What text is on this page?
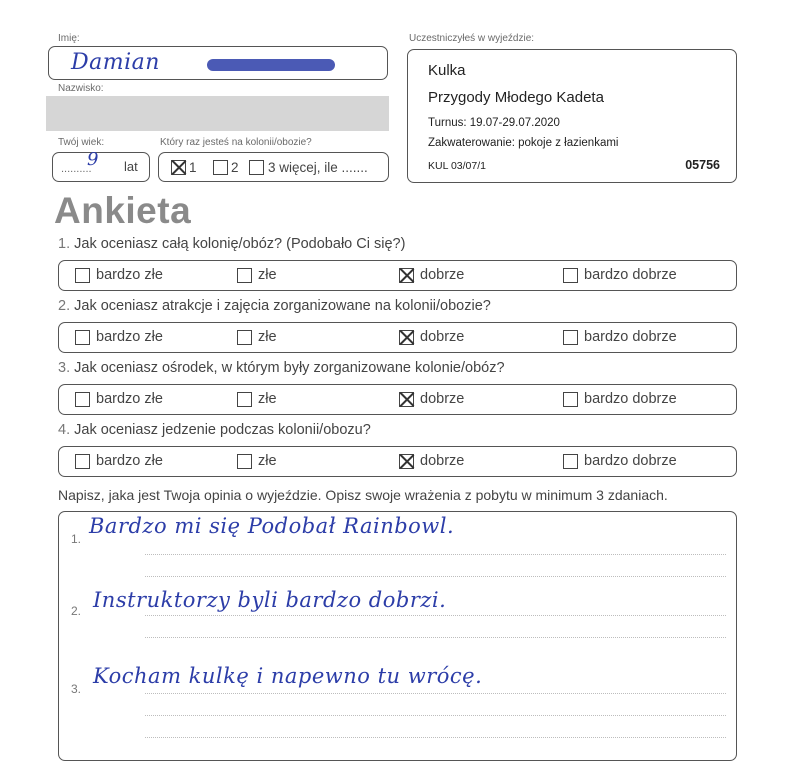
Imię:
Damian
Nazwisko:
Twój wiek:
..........
9 lat
Który raz jesteś na kolonii/obozie?
1	2 3 więcej, ile .......
Uczestniczyłeś w wyjeździe:
Kulka
Przygody Młodego Kadeta
Turnus: 19.07-29.07.2020
Zakwaterowanie: pokoje z łazienkami
KUL 03/07/1	05756
Ankieta
1. Jak oceniasz całą kolonię/obóz? (Podobało Ci się?)
bardzo złe	złe	dobrze	bardzo dobrze
2. Jak oceniasz atrakcje i zajęcia zorganizowane na kolonii/obozie?
bardzo złe	złe	dobrze	bardzo dobrze
3. Jak oceniasz ośrodek, w którym były zorganizowane kolonie/obóz?
bardzo złe	złe	dobrze	bardzo dobrze
4. Jak oceniasz jedzenie podczas kolonii/obozu?
bardzo złe	złe	dobrze	bardzo dobrze
Napisz, jaka jest Twoja opinia o wyjeździe. Opisz swoje wrażenia z pobytu w minimum 3 zdaniach.
1.
Bardzo mi się Podobał Rainbowl.
2. Instruktorzy byli bardzo dobrzi.
3.
Kocham kulkę i napewno tu wrócę.
